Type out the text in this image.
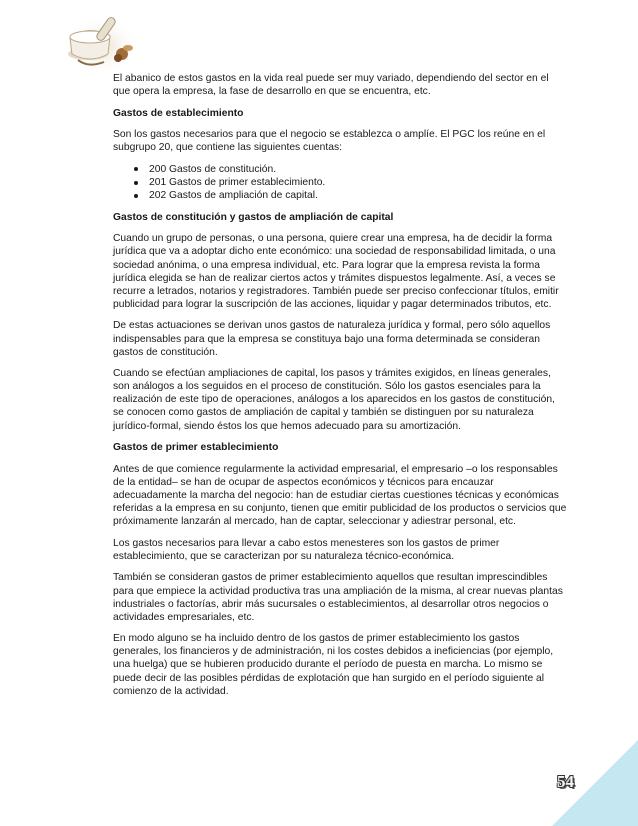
El abanico de estos gastos en la vida real puede ser muy variado, dependiendo del sector en el que opera la empresa, la fase de desarrollo en que se encuentra, etc.

Gastos de establecimiento

Son los gastos necesarios para que el negocio se establezca o amplíe. El PGC los reúne en el subgrupo 20, que contiene las siguientes cuentas:

200 Gastos de constitución.
201 Gastos de primer establecimiento.
202 Gastos de ampliación de capital.
Gastos de constitución y gastos de ampliación de capital

Cuando un grupo de personas, o una persona, quiere crear una empresa, ha de decidir la forma jurídica que va a adoptar dicho ente económico: una sociedad de responsabilidad limitada, o una sociedad anónima, o una empresa individual, etc. Para lograr que la empresa revista la forma jurídica elegida se han de realizar ciertos actos y trámites dispuestos legalmente. Así, a veces se recurre a letrados, notarios y registradores. También puede ser preciso confeccionar títulos, emitir publicidad para lograr la suscripción de las acciones, liquidar y pagar determinados tributos, etc.

De estas actuaciones se derivan unos gastos de naturaleza jurídica y formal, pero sólo aquellos indispensables para que la empresa se constituya bajo una forma determinada se consideran gastos de constitución.

Cuando se efectúan ampliaciones de capital, los pasos y trámites exigidos, en líneas generales, son análogos a los seguidos en el proceso de constitución. Sólo los gastos esenciales para la realización de este tipo de operaciones, análogos a los aparecidos en los gastos de constitución, se conocen como gastos de ampliación de capital y también se distinguen por su naturaleza jurídico-formal, siendo éstos los que hemos adecuado para su amortización.

Gastos de primer establecimiento

Antes de que comience regularmente la actividad empresarial, el empresario –o los responsables de la entidad– se han de ocupar de aspectos económicos y técnicos para encauzar adecuadamente la marcha del negocio: han de estudiar ciertas cuestiones técnicas y económicas referidas a la empresa en su conjunto, tienen que emitir publicidad de los productos o servicios que próximamente lanzarán al mercado, han de captar, seleccionar y adiestrar personal, etc.

Los gastos necesarios para llevar a cabo estos menesteres son los gastos de primer establecimiento, que se caracterizan por su naturaleza técnico-económica.

También se consideran gastos de primer establecimiento aquellos que resultan imprescindibles para que empiece la actividad productiva tras una ampliación de la misma, al crear nuevas plantas industriales o factorías, abrir más sucursales o establecimientos, al desarrollar otros negocios o actividades empresariales, etc.

En modo alguno se ha incluido dentro de los gastos de primer establecimiento los gastos generales, los financieros y de administración, ni los costes debidos a ineficiencias (por ejemplo, una huelga) que se hubieren producido durante el período de puesta en marcha. Lo mismo se puede decir de las posibles pérdidas de explotación que han surgido en el período siguiente al comienzo de la actividad.

54
